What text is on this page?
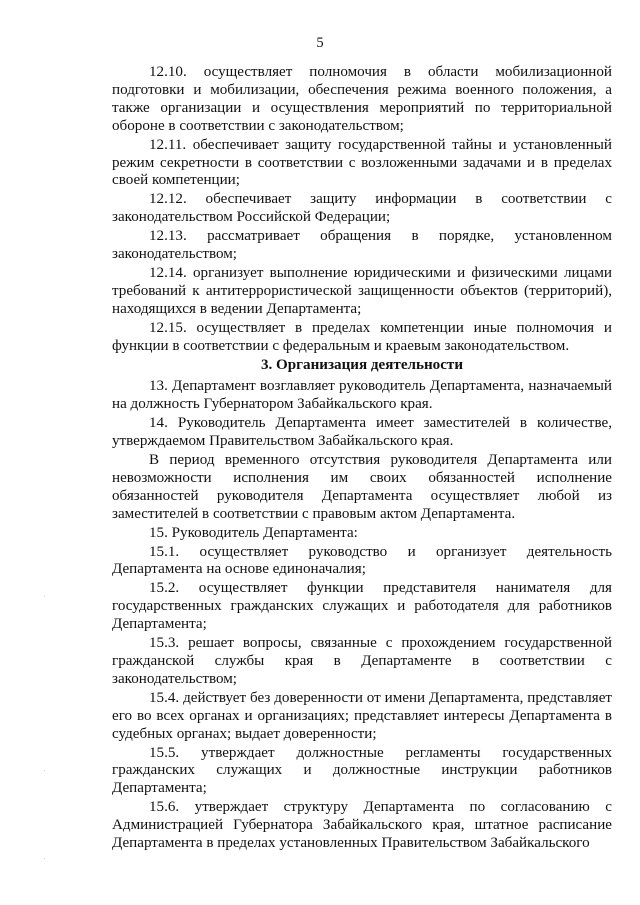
5

12.10. осуществляет полномочия в области мобилизационной подготовки и мобилизации, обеспечения режима военного положения, а также организации и осуществления мероприятий по территориальной обороне в соответствии с законодательством;

12.11. обеспечивает защиту государственной тайны и установленный режим секретности в соответствии с возложенными задачами и в пределах своей компетенции;

12.12. обеспечивает защиту информации в соответствии с законодательством Российской Федерации;

12.13. рассматривает обращения в порядке, установленном законодательством;

12.14. организует выполнение юридическими и физическими лицами требований к антитеррористической защищенности объектов (территорий), находящихся в ведении Департамента;

12.15. осуществляет в пределах компетенции иные полномочия и функции в соответствии с федеральным и краевым законодательством.

3. Организация деятельности

13. Департамент возглавляет руководитель Департамента, назначаемый на должность Губернатором Забайкальского края.

14. Руководитель Департамента имеет заместителей в количестве, утверждаемом Правительством Забайкальского края.

В период временного отсутствия руководителя Департамента или невозможности исполнения им своих обязанностей исполнение обязанностей руководителя Департамента осуществляет любой из заместителей в соответствии с правовым актом Департамента.

15. Руководитель Департамента:

15.1. осуществляет руководство и организует деятельность Департамента на основе единоначалия;

15.2. осуществляет функции представителя нанимателя для государственных гражданских служащих и работодателя для работников Департамента;

15.3. решает вопросы, связанные с прохождением государственной гражданской службы края в Департаменте в соответствии с законодательством;

15.4. действует без доверенности от имени Департамента, представляет его во всех органах и организациях; представляет интересы Департамента в судебных органах; выдает доверенности;

15.5. утверждает должностные регламенты государственных гражданских служащих и должностные инструкции работников Департамента;

15.6. утверждает структуру Департамента по согласованию с Администрацией Губернатора Забайкальского края, штатное расписание Департамента в пределах установленных Правительством Забайкальского
